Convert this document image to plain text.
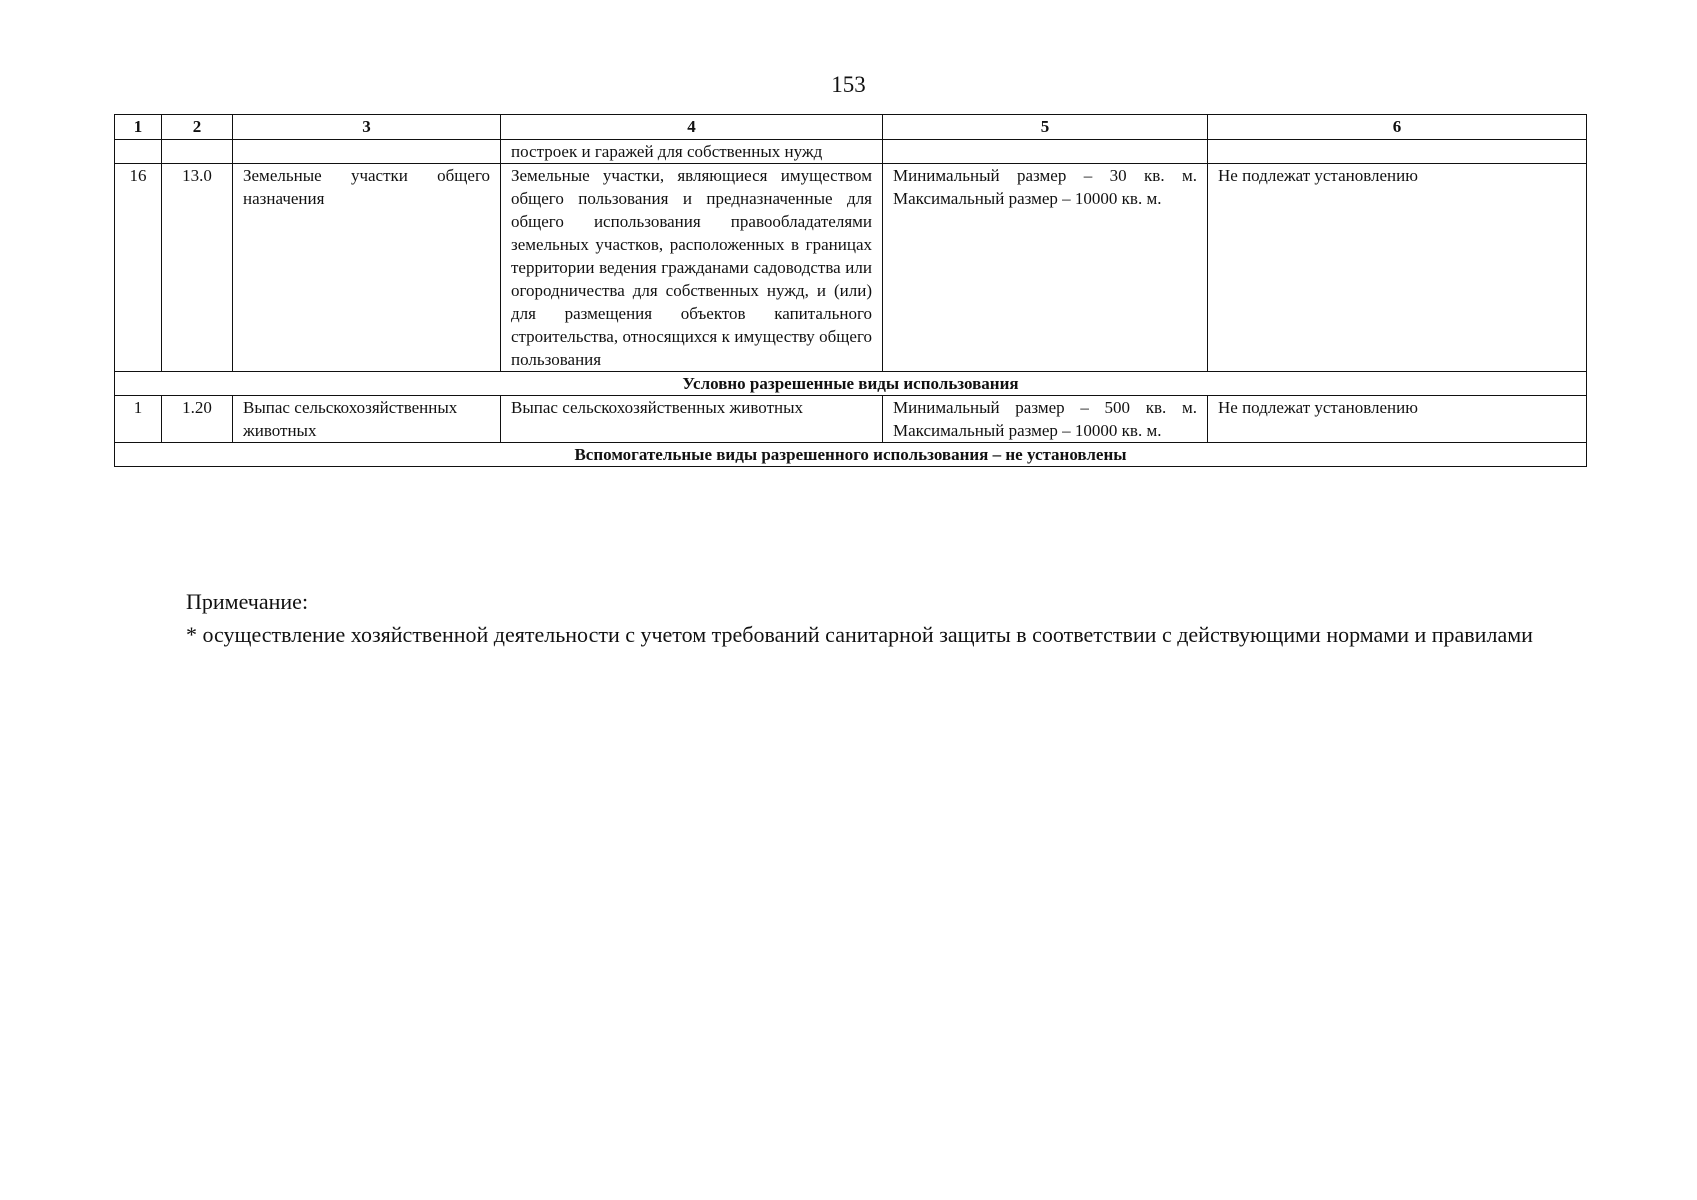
153
1	2	3	4	5	6
			построек и гаражей для собственных нужд		
16	13.0	Земельные участки общего назначения	Земельные участки, являющиеся имуществом общего пользования и предназначенные для общего использования правообладателями земельных участков, расположенных в границах территории ведения гражданами садоводства или огородничества для собственных нужд, и (или) для размещения объектов капитального строительства, относящихся к имуществу общего пользования	Минимальный размер – 30 кв. м. Максимальный размер – 10000 кв. м.	Не подлежат установлению
Условно разрешенные виды использования					
1	1.20	Выпас сельскохозяйственных животных	Выпас сельскохозяйственных животных	Минимальный размер – 500 кв. м. Максимальный размер – 10000 кв. м.	Не подлежат установлению
Вспомогательные виды разрешенного использования – не установлены					
Примечание:
* осуществление хозяйственной деятельности с учетом требований санитарной защиты в соответствии с действующими нормами и правилами
